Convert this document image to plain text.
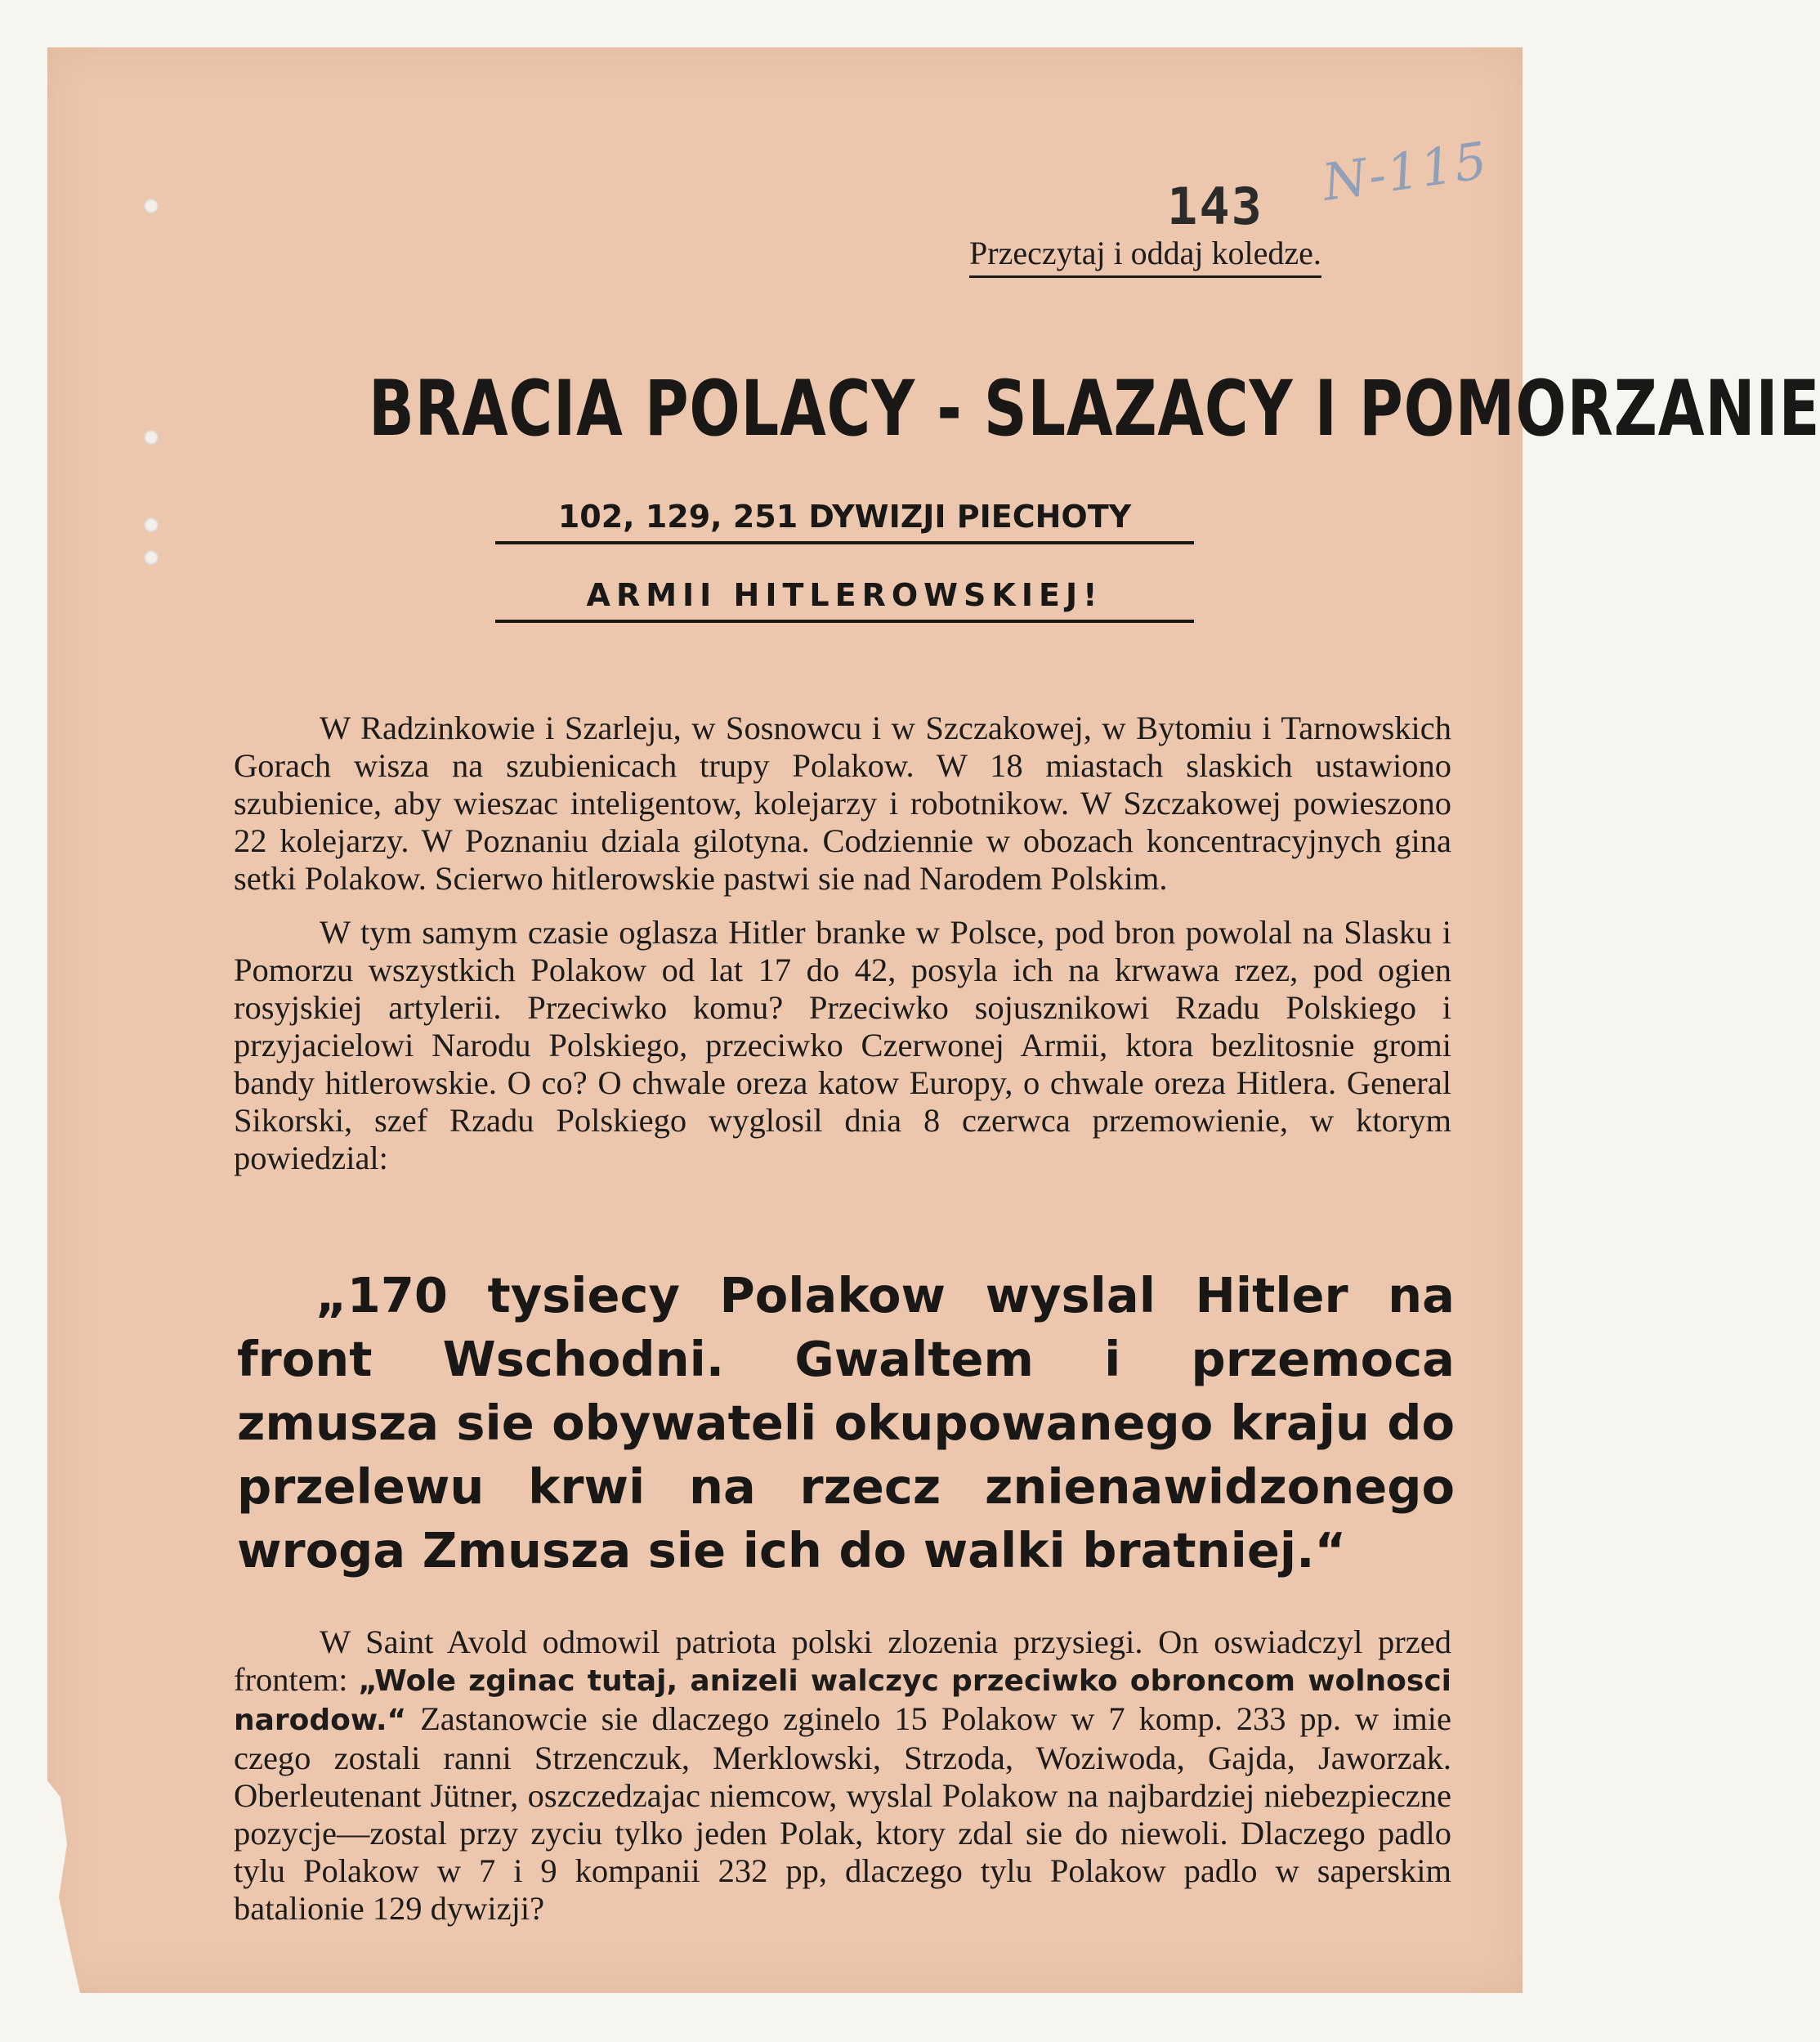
N-115
143
Przeczytaj i oddaj koledze.
BRACIA POLACY - SLAZACY I POMORZANIE
102, 129, 251 DYWIZJI PIECHOTY
ARMII HITLEROWSKIEJ!

W Radzinkowie i Szarleju, w Sosnowcu i w Szczakowej, w Bytomiu i Tarnowskich Gorach wisza na szubienicach trupy Polakow. W 18 miastach slaskich ustawiono szubienice, aby wieszac inteligentow, kolejarzy i robotnikow. W Szczakowej powieszono 22 kolejarzy. W Poznaniu dziala gilotyna. Codziennie w obozach koncentracyjnych gina setki Polakow. Scierwo hitlerowskie pastwi sie nad Narodem Polskim.

W tym samym czasie oglasza Hitler branke w Polsce, pod bron powolal na Slasku i Pomorzu wszystkich Polakow od lat 17 do 42, posyla ich na krwawa rzez, pod ogien rosyjskiej artylerii. Przeciwko komu? Przeciwko sojusznikowi Rzadu Polskiego i przyjacielowi Narodu Polskiego, przeciwko Czerwonej Armii, ktora bezlitosnie gromi bandy hitlerowskie. O co? O chwale oreza katow Europy, o chwale oreza Hitlera. General Sikorski, szef Rzadu Polskiego wyglosil dnia 8 czerwca przemowienie, w ktorym powiedzial:

„170 tysiecy Polakow wyslal Hitler na front Wschodni. Gwaltem i przemoca zmusza sie obywateli okupowanego kraju do przelewu krwi na rzecz znienawidzonego wroga Zmusza sie ich do walki bratniej.“

W Saint Avold odmowil patriota polski zlozenia przysiegi. On oswiadczyl przed frontem: „Wole zginac tutaj, anizeli walczyc przeciwko obroncom wolnosci narodow.“ Zastanowcie sie dlaczego zginelo 15 Polakow w 7 komp. 233 pp. w imie czego zostali ranni Strzenczuk, Merklowski, Strzoda, Woziwoda, Gajda, Jaworzak. Oberleutenant Jütner, oszczedzajac niemcow, wyslal Polakow na najbardziej niebezpieczne pozycje—zostal przy zyciu tylko jeden Polak, ktory zdal sie do niewoli. Dlaczego padlo tylu Polakow w 7 i 9 kompanii 232 pp, dlaczego tylu Polakow padlo w saperskim batalionie 129 dywizji?
